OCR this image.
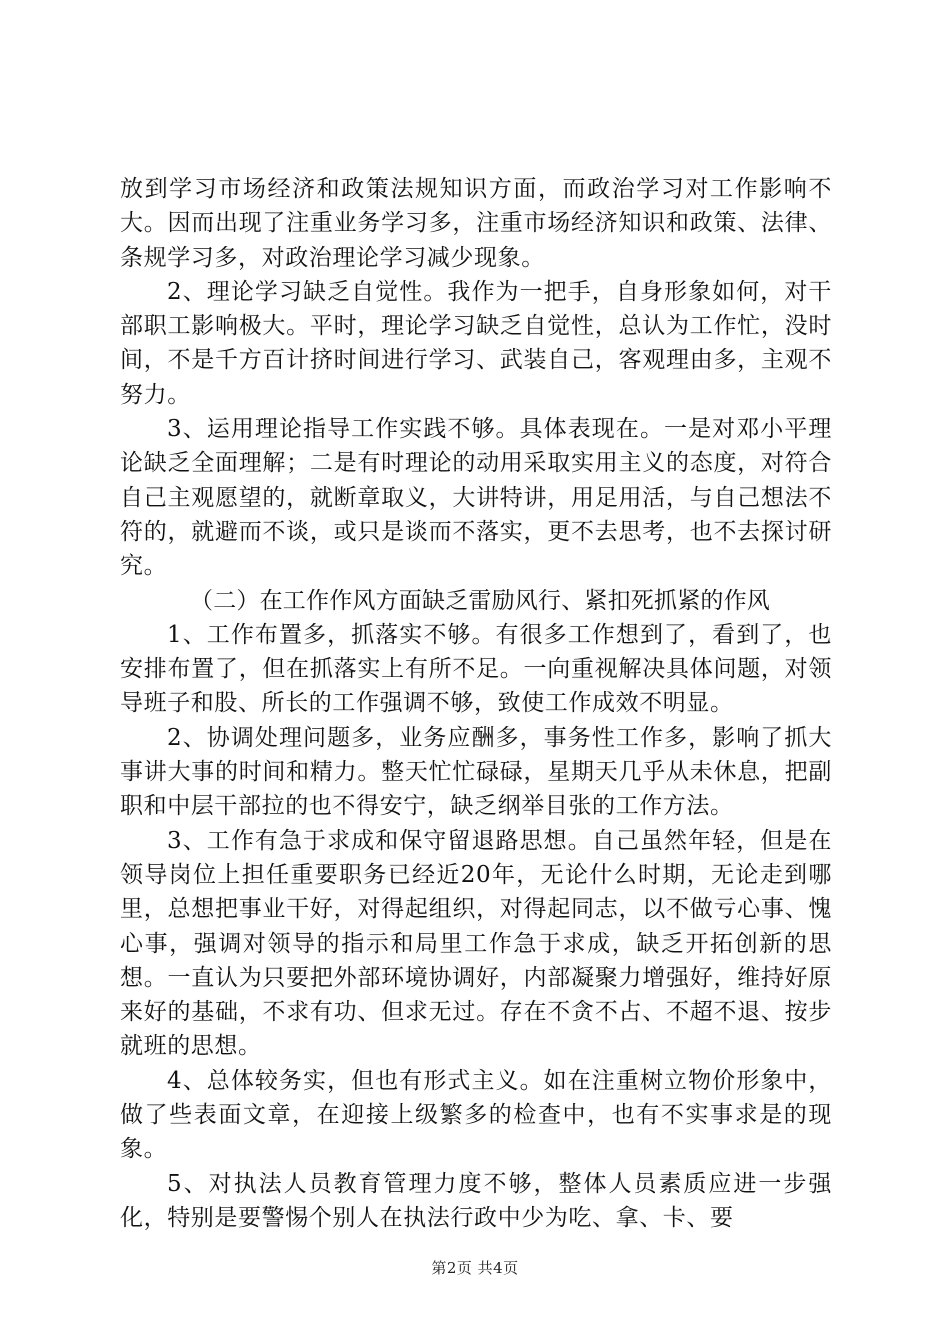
放到学习市场经济和政策法规知识方面，而政治学习对工作影响不大。因而出现了注重业务学习多，注重市场经济知识和政策、法律、条规学习多，对政治理论学习减少现象。

2、理论学习缺乏自觉性。我作为一把手，自身形象如何，对干部职工影响极大。平时，理论学习缺乏自觉性，总认为工作忙，没时间，不是千方百计挤时间进行学习、武装自己，客观理由多，主观不努力。

3、运用理论指导工作实践不够。具体表现在。一是对邓小平理论缺乏全面理解；二是有时理论的动用采取实用主义的态度，对符合自己主观愿望的，就断章取义，大讲特讲，用足用活，与自己想法不符的，就避而不谈，或只是谈而不落实，更不去思考，也不去探讨研究。

（二）在工作作风方面缺乏雷励风行、紧扣死抓紧的作风

1、工作布置多，抓落实不够。有很多工作想到了，看到了，也安排布置了，但在抓落实上有所不足。一向重视解决具体问题，对领导班子和股、所长的工作强调不够，致使工作成效不明显。

2、协调处理问题多，业务应酬多，事务性工作多，影响了抓大事讲大事的时间和精力。整天忙忙碌碌，星期天几乎从未休息，把副职和中层干部拉的也不得安宁，缺乏纲举目张的工作方法。

3、工作有急于求成和保守留退路思想。自己虽然年轻，但是在领导岗位上担任重要职务已经近20年，无论什么时期，无论走到哪里，总想把事业干好，对得起组织，对得起同志，以不做亏心事、愧心事，强调对领导的指示和局里工作急于求成，缺乏开拓创新的思想。一直认为只要把外部环境协调好，内部凝聚力增强好，维持好原来好的基础，不求有功、但求无过。存在不贪不占、不超不退、按步就班的思想。

4、总体较务实，但也有形式主义。如在注重树立物价形象中，做了些表面文章，在迎接上级繁多的检查中，也有不实事求是的现象。

5、对执法人员教育管理力度不够，整体人员素质应进一步强化，特别是要警惕个别人在执法行政中少为吃、拿、卡、要

第2页 共4页
